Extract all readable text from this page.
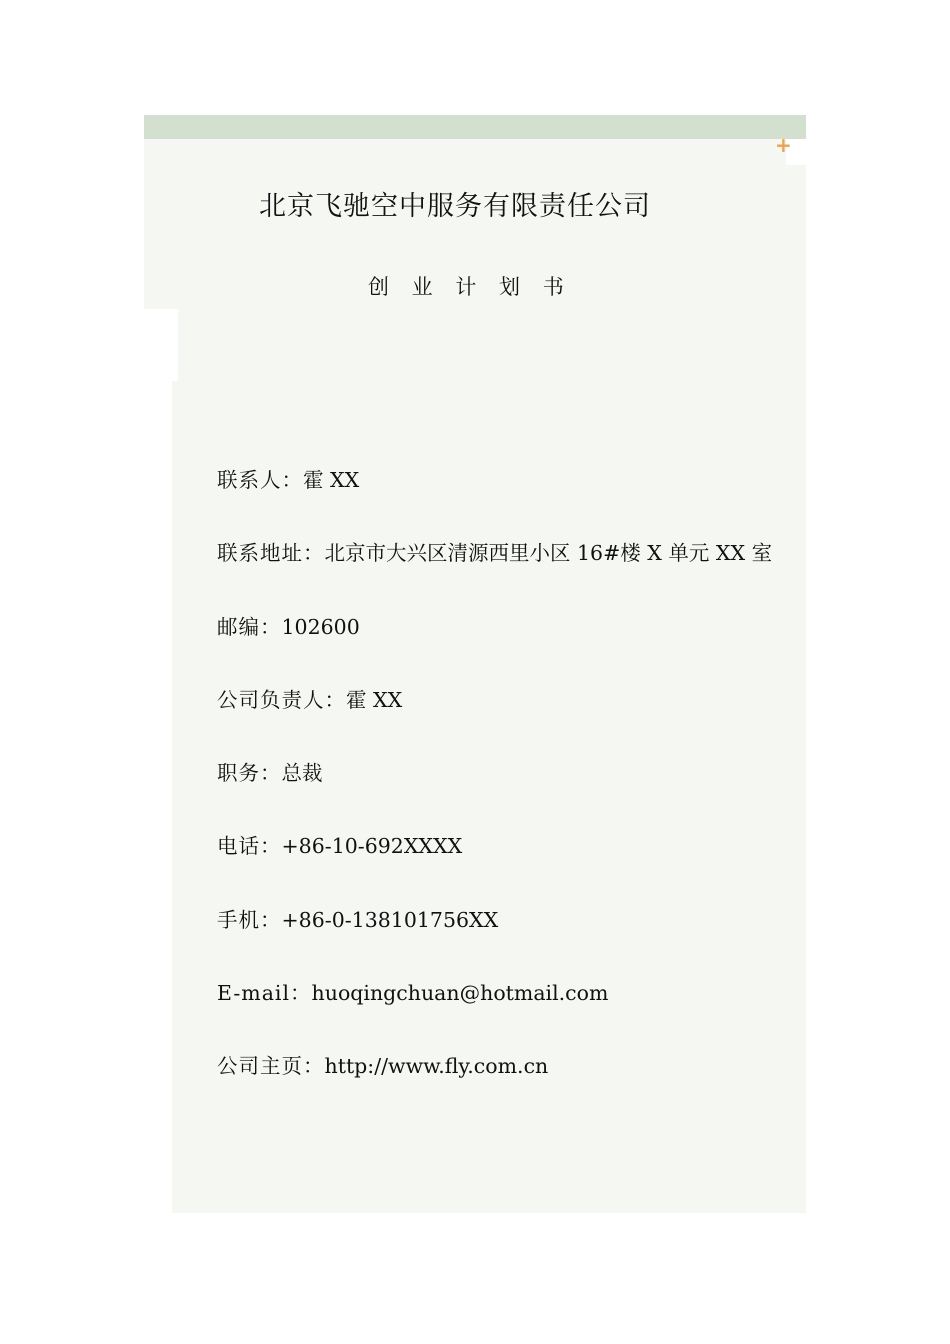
+
北京飞驰空中服务有限责任公司
创 业 计 划 书
联系人：霍 XX
联系地址：北京市大兴区清源西里小区 16#楼 X 单元 XX 室
邮编：102600
公司负责人：霍 XX
职务：总裁
电话：+86-10-692XXXX
手机：+86-0-138101756XX
E-mail：huoqingchuan@hotmail.com
公司主页：http://www.fly.com.cn
